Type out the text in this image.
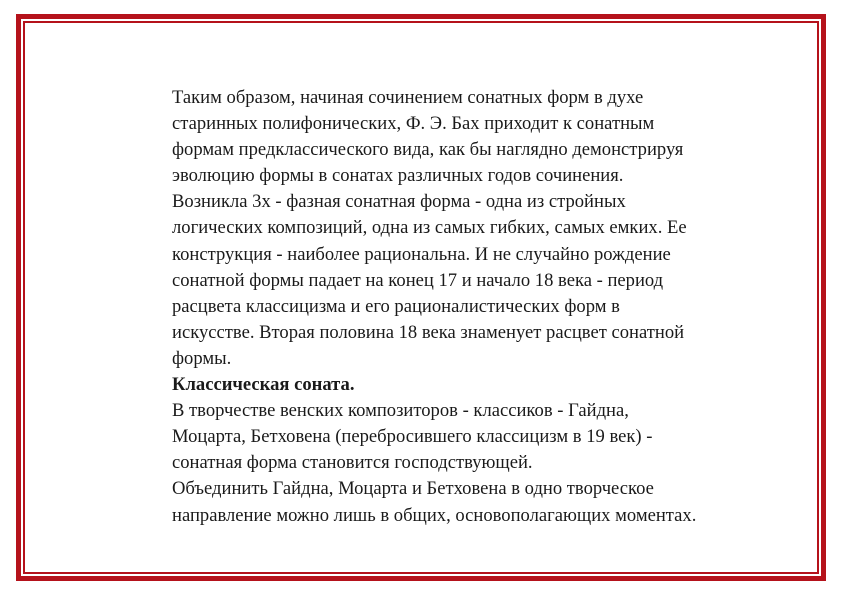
Таким образом, начиная сочинением сонатных форм в духе
старинных полифонических, Ф. Э. Бах приходит к сонатным
формам предклассического вида, как бы наглядно демонстрируя
эволюцию формы в сонатах различных годов сочинения.

Возникла 3х - фазная сонатная форма - одна из стройных
логических композиций, одна из самых гибких, самых емких. Ее
конструкция - наиболее рациональна. И не случайно рождение
сонатной формы падает на конец 17 и начало 18 века - период
расцвета классицизма и его рационалистических форм в
искусстве. Вторая половина 18 века знаменует расцвет сонатной
формы.

Классическая соната.

В творчестве венских композиторов - классиков - Гайдна,
Моцарта, Бетховена (перебросившего классицизм в 19 век) -
сонатная форма становится господствующей.

Объединить Гайдна, Моцарта и Бетховена в одно творческое
направление можно лишь в общих, основополагающих моментах.
